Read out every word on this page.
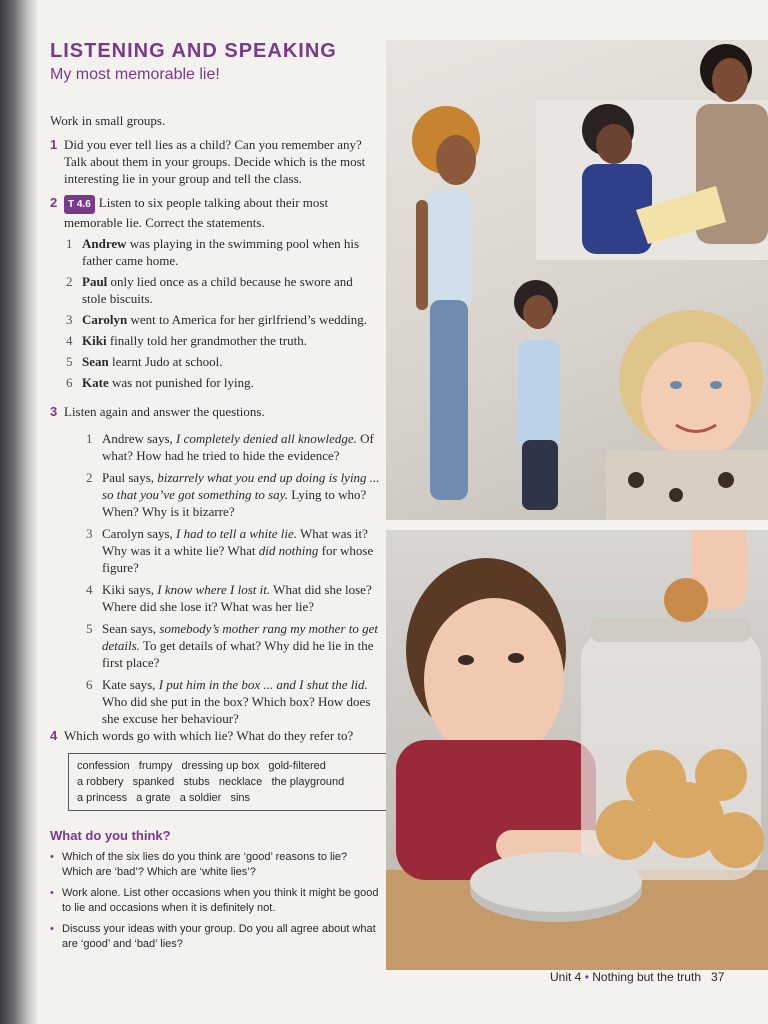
LISTENING AND SPEAKING
My most memorable lie!
Work in small groups.
1 Did you ever tell lies as a child? Can you remember any? Talk about them in your groups. Decide which is the most interesting lie in your group and tell the class.
2	T 4.6 Listen to six people talking about their most memorable lie. Correct the statements.
1 Andrew was playing in the swimming pool when his father came home.
2 Paul only lied once as a child because he swore and stole biscuits.
3 Carolyn went to America for her girlfriend’s wedding.
4 Kiki finally told her grandmother the truth.
5 Sean learnt Judo at school.
6 Kate was not punished for lying.
3 Listen again and answer the questions.
1 Andrew says, I completely denied all knowledge. Of what? How had he tried to hide the evidence?
2 Paul says, bizarrely what you end up doing is lying ... so that you’ve got something to say. Lying to who? When? Why is it bizarre?
3 Carolyn says, I had to tell a white lie. What was it? Why was it a white lie? What did nothing for whose figure?
4 Kiki says, I know where I lost it. What did she lose? Where did she lose it? What was her lie?
5 Sean says, somebody’s mother rang my mother to get details. To get details of what? Why did he lie in the first place?
6 Kate says, I put him in the box ... and I shut the lid. Who did she put in the box? Which box? How does she excuse her behaviour?
4 Which words go with which lie? What do they refer to?
confession   frumpy   dressing up box   gold-filtered
a robbery   spanked   stubs   necklace   the playground
a princess   a grate   a soldier   sins
What do you think?
• Which of the six lies do you think are ‘good’ reasons to lie? Which are ‘bad’? Which are ‘white lies’?
• Work alone. List other occasions when you think it might be good to lie and occasions when it is definitely not.
• Discuss your ideas with your group. Do you all agree about what are ‘good’ and ‘bad’ lies?
Unit 4 • Nothing but the truth 37
